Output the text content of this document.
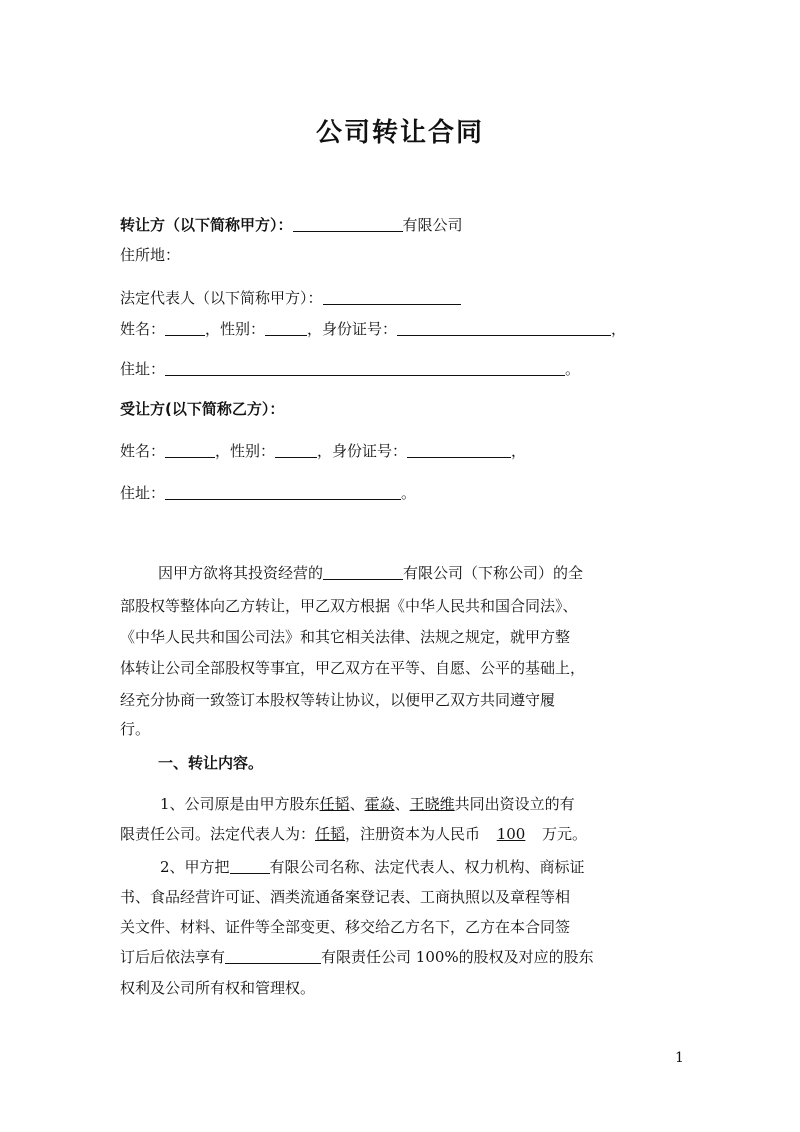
公司转让合同
转让方（以下简称甲方）：	有限公司
住所地：
法定代表人（以下简称甲方）：
姓名：	，性别：	，身份证号：	，
住址：	。
受让方(以下简称乙方）：
姓名：	，性别：	，身份证号：	，
住址：	。
因甲方欲将其投资经营的	有限公司（下称公司）的全
部股权等整体向乙方转让，甲乙双方根据《中华人民共和国合同法》、
《中华人民共和国公司法》和其它相关法律、法规之规定，就甲方整
体转让公司全部股权等事宜，甲乙双方在平等、自愿、公平的基础上，
经充分协商一致签订本股权等转让协议，以便甲乙双方共同遵守履
行。
一、转让内容。
1、公司原是由甲方股东任韬、霍焱、王晓维共同出资设立的有
限责任公司。法定代表人为：任韬，注册资本为人民币 100 万元。
2、甲方把	有限公司名称、法定代表人、权力机构、商标证
书、食品经营许可证、酒类流通备案登记表、工商执照以及章程等相
关文件、材料、证件等全部变更、移交给乙方名下，乙方在本合同签
订后后依法享有	有限责任公司 100%的股权及对应的股东
权利及公司所有权和管理权。
1
